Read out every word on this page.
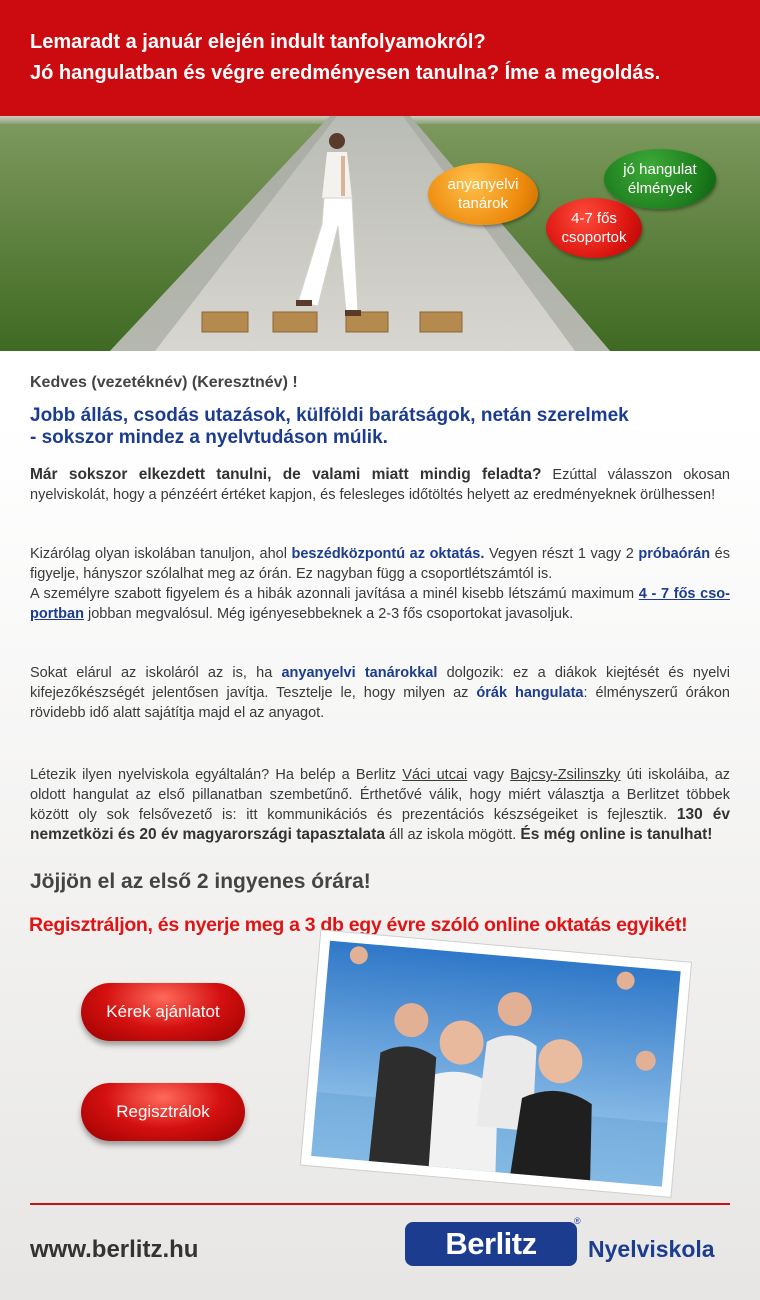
Lemaradt a január elején indult tanfolyamokról?
Jó hangulatban és végre eredményesen tanulna? Íme a megoldás.
anyanyelvi
tanárok
jó hangulat
élmények
4-7 fős
csoportok
Kedves (vezetéknév) (Keresztnév) !
Jobb állás, csodás utazások, külföldi barátságok, netán szerelmek
- sokszor mindez a nyelvtudáson múlik.

Már sokszor elkezdett tanulni, de valami miatt mindig feladta? Ezúttal válasszon okosan nyelviskolát, hogy a pénzéért értéket kapjon, és felesleges időtöltés helyett az eredményeknek örülhessen!

Kizárólag olyan iskolában tanuljon, ahol beszédközpontú az oktatás. Vegyen részt 1 vagy 2 próbaórán és figyelje, hányszor szólalhat meg az órán. Ez nagyban függ a csoportlétszámtól is.
A személyre szabott figyelem és a hibák azonnali javítása a minél kisebb létszámú maximum 4 - 7 fős cso-portban jobban megvalósul. Még igényesebbeknek a 2-3 fős csoportokat javasoljuk.

Sokat elárul az iskoláról az is, ha anyanyelvi tanárokkal dolgozik: ez a diákok kiejtését és nyelvi kifejezőkészségét jelentősen javítja. Tesztelje le, hogy milyen az órák hangulata: élményszerű órákon rövidebb idő alatt sajátítja majd el az anyagot.

Létezik ilyen nyelviskola egyáltalán? Ha belép a Berlitz Váci utcai vagy Bajcsy-Zsilinszky úti iskoláiba, az oldott hangulat az első pillanatban szembetűnő. Érthetővé válik, hogy miért választja a Berlitzet többek között oly sok felsővezető is: itt kommunikációs és prezentációs készségeiket is fejlesztik. 130 év nemzetközi és 20 év magyarországi tapasztalata áll az iskola mögött. És még online is tanulhat!

Jöjjön el az első 2 ingyenes órára!
Regisztráljon, és nyerje meg a 3 db egy évre szóló online oktatás egyikét!
Kérek ajánlatot
Regisztrálok
www.berlitz.hu	Berlitz
®
Nyelviskola
